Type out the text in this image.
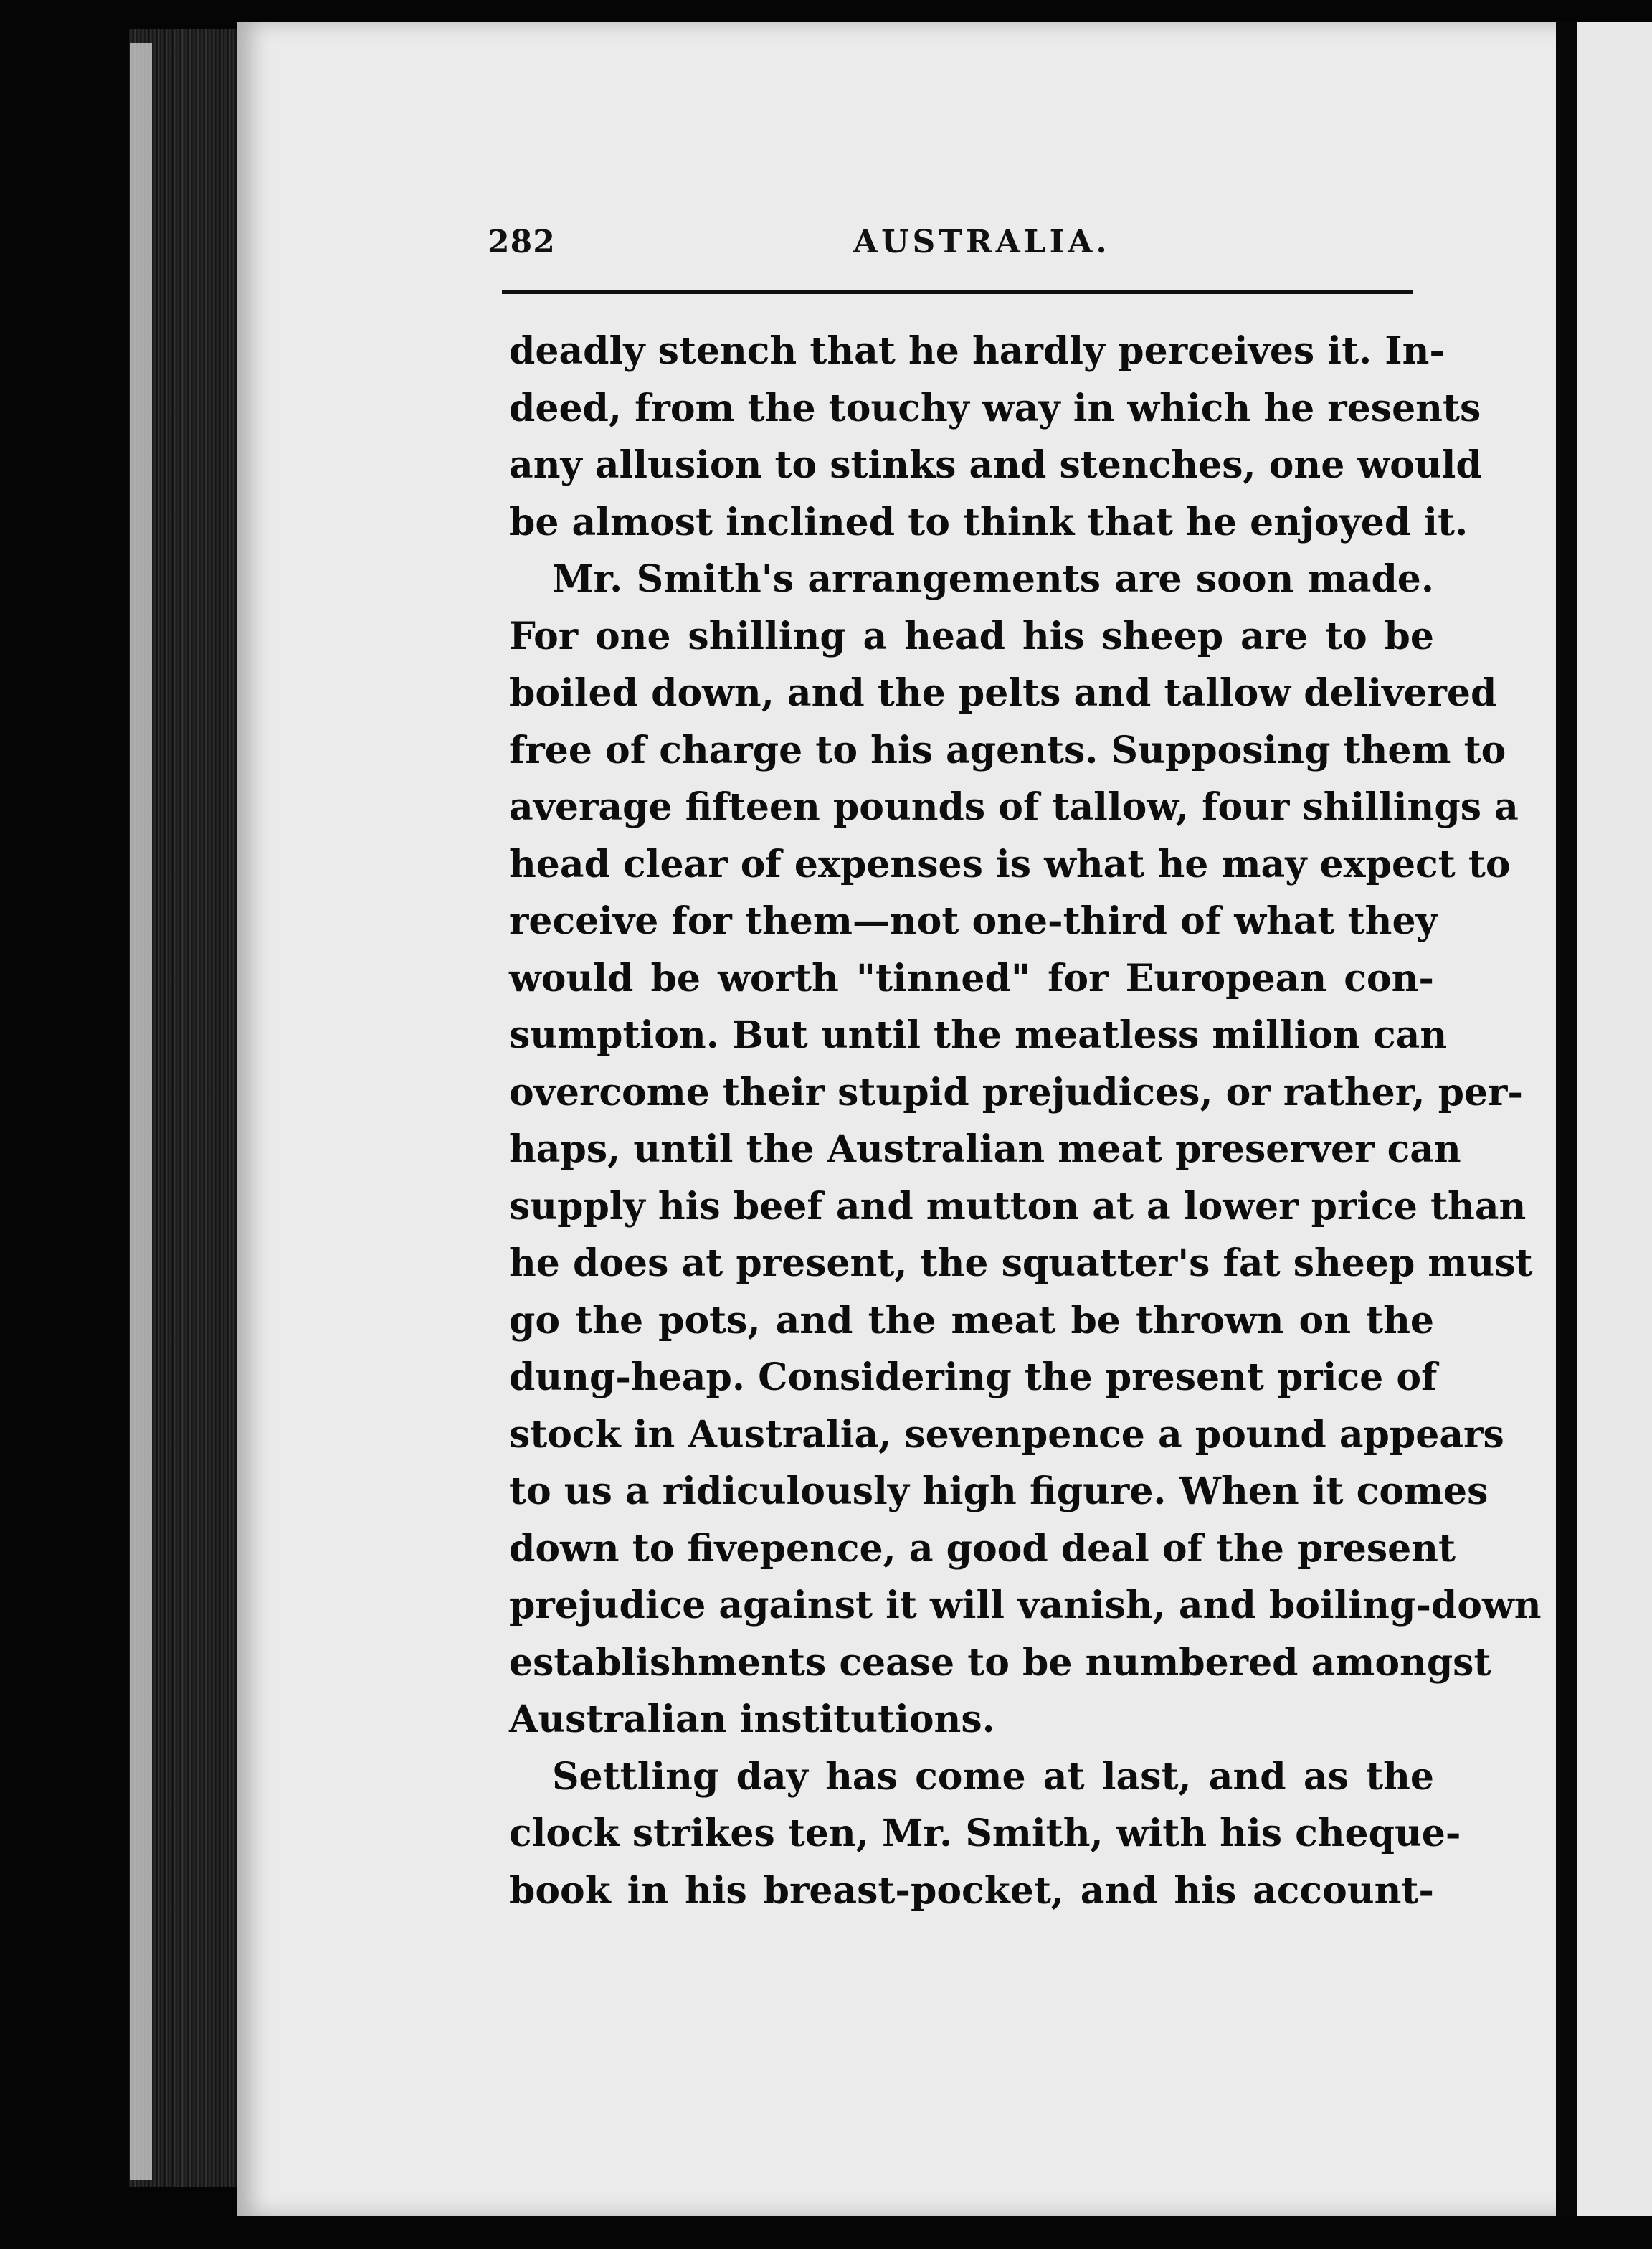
282	AUSTRALIA.
deadly stench that he hardly perceives it. In-
deed, from the touchy way in which he resents
any allusion to stinks and stenches, one would
be almost inclined to think that he enjoyed it.
Mr. Smith's arrangements are soon made.
For one shilling a head his sheep are to be
boiled down, and the pelts and tallow delivered
free of charge to his agents. Supposing them to
average fifteen pounds of tallow, four shillings a
head clear of expenses is what he may expect to
receive for them—not one-third of what they
would be worth "tinned" for European con-
sumption. But until the meatless million can
overcome their stupid prejudices, or rather, per-
haps, until the Australian meat preserver can
supply his beef and mutton at a lower price than
he does at present, the squatter's fat sheep must
go the pots, and the meat be thrown on the
dung-heap. Considering the present price of
stock in Australia, sevenpence a pound appears
to us a ridiculously high figure. When it comes
down to fivepence, a good deal of the present
prejudice against it will vanish, and boiling-down
establishments cease to be numbered amongst
Australian institutions.
Settling day has come at last, and as the
clock strikes ten, Mr. Smith, with his cheque-
book in his breast-pocket, and his account-
